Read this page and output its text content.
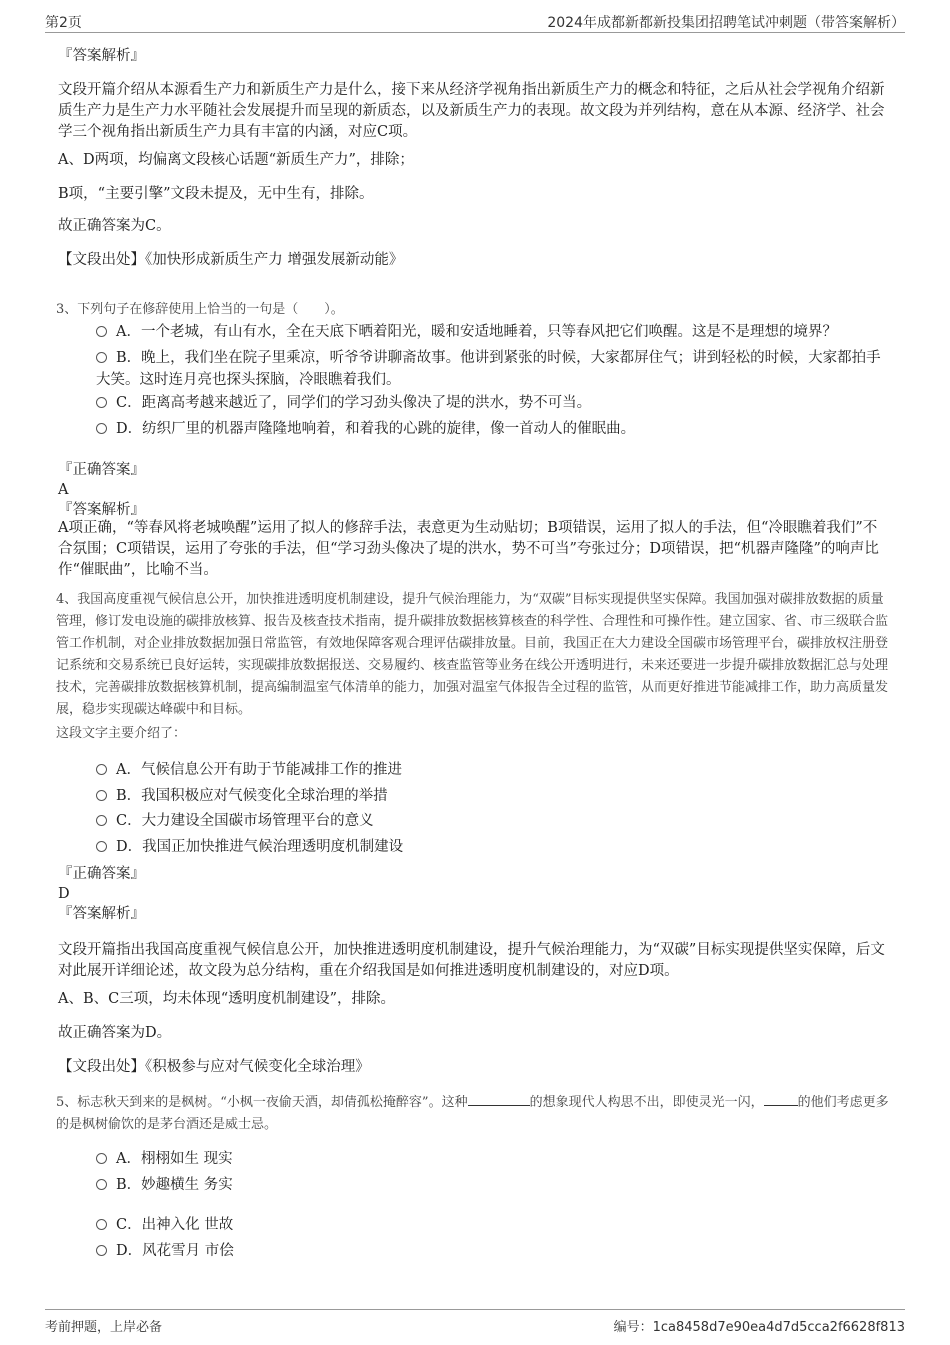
第2页	2024年成都新都新投集团招聘笔试冲刺题（带答案解析）
『答案解析』
文段开篇介绍从本源看生产力和新质生产力是什么，接下来从经济学视角指出新质生产力的概念和特征，之后从社会学视角介绍新质生产力是生产力水平随社会发展提升而呈现的新质态，以及新质生产力的表现。故文段为并列结构，意在从本源、经济学、社会学三个视角指出新质生产力具有丰富的内涵，对应C项。
A、D两项，均偏离文段核心话题“新质生产力”，排除；
B项，“主要引擎”文段未提及，无中生有，排除。
故正确答案为C。
【文段出处】《加快形成新质生产力 增强发展新动能》
3、下列句子在修辞使用上恰当的一句是（　　）。
A．一个老城，有山有水，全在天底下晒着阳光，暖和安适地睡着，只等春风把它们唤醒。这是不是理想的境界？
B．晚上，我们坐在院子里乘凉，听爷爷讲聊斋故事。他讲到紧张的时候，大家都屏住气；讲到轻松的时候，大家都拍手大笑。这时连月亮也探头探脑，冷眼瞧着我们。
C．距离高考越来越近了，同学们的学习劲头像决了堤的洪水，势不可当。
D．纺织厂里的机器声隆隆地响着，和着我的心跳的旋律，像一首动人的催眠曲。
『正确答案』
A
『答案解析』
A项正确，“等春风将老城唤醒”运用了拟人的修辞手法，表意更为生动贴切；B项错误，运用了拟人的手法，但“冷眼瞧着我们”不合氛围；C项错误，运用了夸张的手法，但“学习劲头像决了堤的洪水，势不可当”夸张过分；D项错误，把“机器声隆隆”的响声比作“催眠曲”，比喻不当。
4、我国高度重视气候信息公开，加快推进透明度机制建设，提升气候治理能力，为“双碳”目标实现提供坚实保障。我国加强对碳排放数据的质量管理，修订发电设施的碳排放核算、报告及核查技术指南，提升碳排放数据核算核查的科学性、合理性和可操作性。建立国家、省、市三级联合监管工作机制，对企业排放数据加强日常监管，有效地保障客观合理评估碳排放量。目前，我国正在大力建设全国碳市场管理平台，碳排放权注册登记系统和交易系统已良好运转，实现碳排放数据报送、交易履约、核查监管等业务在线公开透明进行，未来还要进一步提升碳排放数据汇总与处理技术，完善碳排放数据核算机制，提高编制温室气体清单的能力，加强对温室气体报告全过程的监管，从而更好推进节能减排工作，助力高质量发展，稳步实现碳达峰碳中和目标。
这段文字主要介绍了：
A．气候信息公开有助于节能减排工作的推进
B．我国积极应对气候变化全球治理的举措
C．大力建设全国碳市场管理平台的意义
D．我国正加快推进气候治理透明度机制建设
『正确答案』
D
『答案解析』
文段开篇指出我国高度重视气候信息公开，加快推进透明度机制建设，提升气候治理能力，为“双碳”目标实现提供坚实保障，后文对此展开详细论述，故文段为总分结构，重在介绍我国是如何推进透明度机制建设的，对应D项。
A、B、C三项，均未体现“透明度机制建设”，排除。
故正确答案为D。
【文段出处】《积极参与应对气候变化全球治理》
5、标志秋天到来的是枫树。“小枫一夜偷天酒，却倩孤松掩醉容”。这种	的想象现代人构思不出，即使灵光一闪，	的他们考虑更多的是枫树偷饮的是茅台酒还是威士忌。
A．栩栩如生 现实
B．妙趣横生 务实
C．出神入化 世故
D．风花雪月 市侩
考前押题，上岸必备	编号：1ca8458d7e90ea4d7d5cca2f6628f813
